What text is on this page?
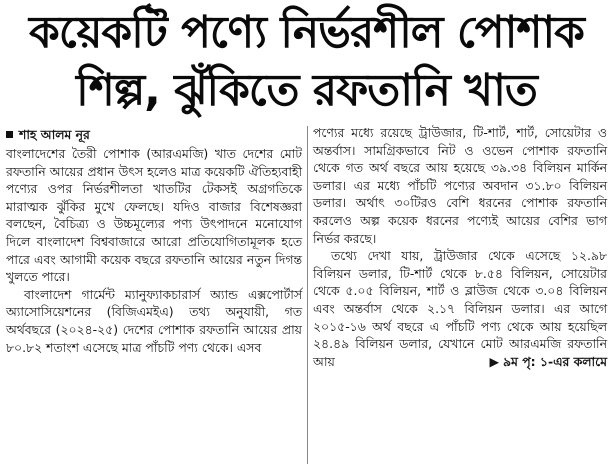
কয়েকটি পণ্যে নির্ভরশীল পোশাক
শিল্প, ঝুঁকিতে রফতানি খাত
শাহ আলম নূর

বাংলাদেশের তৈরী পোশাক (আরএমজি) খাত দেশের মোট রফতানি আয়ের প্রধান উৎস হলেও মাত্র কয়েকটি ঐতিহ্যবাহী পণ্যের ওপর নির্ভরশীলতা খাতটির টেকসই অগ্রগতিকে মারাত্মক ঝুঁকির মুখে ফেলছে। যদিও বাজার বিশেষজ্ঞরা বলছেন, বৈচিত্র্য ও উচ্চমূল্যের পণ্য উৎপাদনে মনোযোগ দিলে বাংলাদেশ বিশ্ববাজারে আরো প্রতিযোগিতামূলক হতে পারে এবং আগামী কয়েক বছরে রফতানি আয়ের নতুন দিগন্ত খুলতে পারে।

বাংলাদেশ গার্মেন্ট ম্যানুফ্যাকচারার্স অ্যান্ড এক্সপোর্টার্স অ্যাসোসিয়েশনের (বিজিএমইএ) তথ্য অনুযায়ী, গত অর্থবছরে (২০২৪-২৫) দেশের পোশাক রফতানি আয়ের প্রায় ৮০.৮২ শতাংশ এসেছে মাত্র পাঁচটি পণ্য থেকে। এসব

পণ্যের মধ্যে রয়েছে ট্রাউজার, টি-শার্ট, শার্ট, সোয়েটার ও অন্তর্বাস। সামগ্রিকভাবে নিট ও ওভেন পোশাক রফতানি থেকে গত অর্থ বছরে আয় হয়েছে ৩৯.৩৪ বিলিয়ন মার্কিন ডলার। এর মধ্যে পাঁচটি পণ্যের অবদান ৩১.৮০ বিলিয়ন ডলার। অর্থাৎ ৩০টিরও বেশি ধরনের পোশাক রফতানি করলেও অল্প কয়েক ধরনের পণ্যেই আয়ের বেশির ভাগ নির্ভর করছে।

তথ্যে দেখা যায়, ট্রাউজার থেকে এসেছে ১২.৯৮ বিলিয়ন ডলার, টি-শার্ট থেকে ৮.৫৪ বিলিয়ন, সোয়েটার থেকে ৫.০৫ বিলিয়ন, শার্ট ও ব্লাউজ থেকে ৩.০৪ বিলিয়ন এবং অন্তর্বাস থেকে ২.১৭ বিলিয়ন ডলার। এর আগে ২০১৫-১৬ অর্থ বছরে এ পাঁচটি পণ্য থেকে আয় হয়েছিল ২৪.৪৯ বিলিয়ন ডলার, যেখানে মোট আরএমজি রফতানি আয়	▶ ৯ম পৃ: ১-এর কলামে
